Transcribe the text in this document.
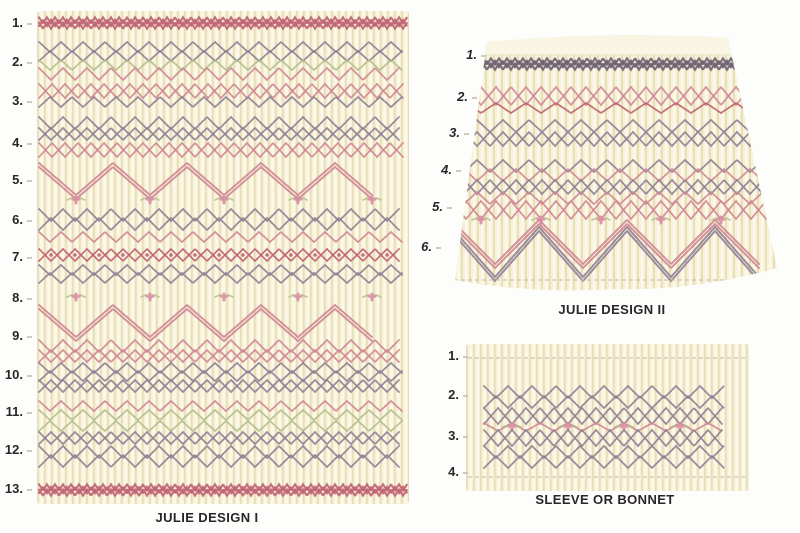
1.
2.
3.
4.
5.
6.
7.
8.
9.
10.
11.
12.
13.
JULIE DESIGN I
1.
2.
3.
4.
5.
6.
JULIE DESIGN II
1.
2.
3.
4.
SLEEVE OR BONNET
